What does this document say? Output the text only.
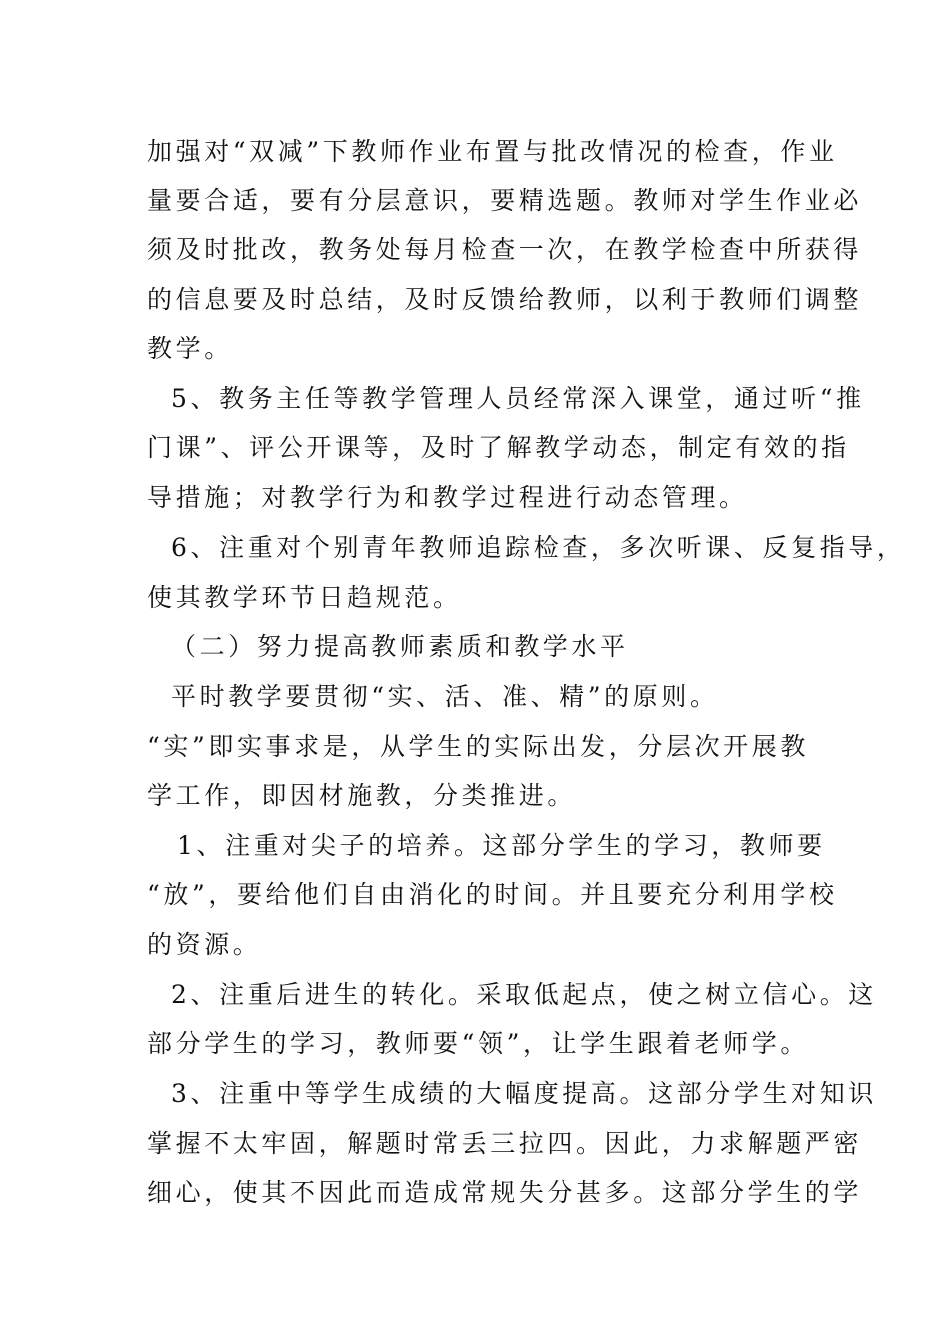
加强对“双减”下教师作业布置与批改情况的检查，作业
量要合适，要有分层意识，要精选题。教师对学生作业必
须及时批改，教务处每月检查一次，在教学检查中所获得
的信息要及时总结，及时反馈给教师，以利于教师们调整
教学。
5、教务主任等教学管理人员经常深入课堂，通过听“推
门课”、评公开课等，及时了解教学动态，制定有效的指
导措施；对教学行为和教学过程进行动态管理。
6、注重对个别青年教师追踪检查，多次听课、反复指导，
使其教学环节日趋规范。
（二）努力提高教师素质和教学水平
平时教学要贯彻“实、活、准、精”的原则。
“实”即实事求是，从学生的实际出发，分层次开展教
学工作，即因材施教，分类推进。
1、注重对尖子的培养。这部分学生的学习，教师要
“放”，要给他们自由消化的时间。并且要充分利用学校
的资源。
2、注重后进生的转化。采取低起点，使之树立信心。这
部分学生的学习，教师要“领”，让学生跟着老师学。
3、注重中等学生成绩的大幅度提高。这部分学生对知识
掌握不太牢固，解题时常丢三拉四。因此，力求解题严密
细心，使其不因此而造成常规失分甚多。这部分学生的学
